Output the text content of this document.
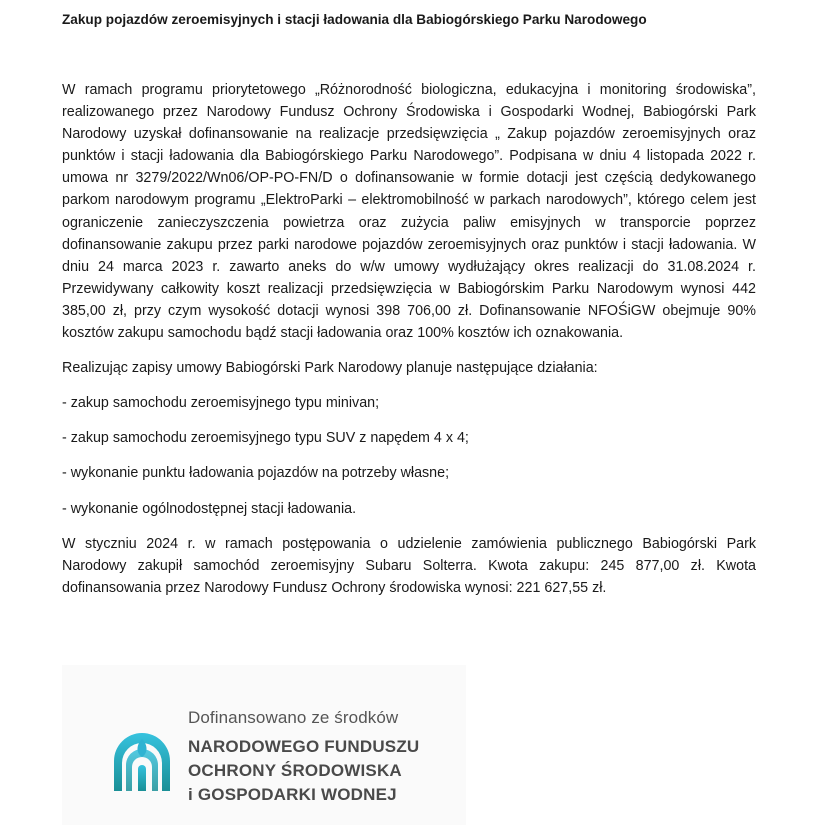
Zakup pojazdów zeroemisyjnych i stacji ładowania dla Babiogórskiego Parku Narodowego

W ramach programu priorytetowego „Różnorodność biologiczna, edukacyjna i monitoring środowiska”, realizowanego przez Narodowy Fundusz Ochrony Środowiska i Gospodarki Wodnej, Babiogórski Park Narodowy uzyskał dofinansowanie na realizacje przedsięwzięcia „ Zakup pojazdów zeroemisyjnych oraz punktów i stacji ładowania dla Babiogórskiego Parku Narodowego”. Podpisana w dniu 4 listopada 2022 r. umowa nr 3279/2022/Wn06/OP-PO-FN/D o dofinansowanie w formie dotacji jest częścią dedykowanego parkom narodowym programu „ElektroParki – elektromobilność w parkach narodowych”, którego celem jest ograniczenie zanieczyszczenia powietrza oraz zużycia paliw emisyjnych w transporcie poprzez dofinansowanie zakupu przez parki narodowe pojazdów zeroemisyjnych oraz punktów i stacji ładowania. W dniu 24 marca 2023 r. zawarto aneks do w/w umowy wydłużający okres realizacji do 31.08.2024 r. Przewidywany całkowity koszt realizacji przedsięwzięcia w Babiogórskim Parku Narodowym wynosi 442 385,00 zł, przy czym wysokość dotacji wynosi 398 706,00 zł. Dofinansowanie NFOŚiGW obejmuje 90% kosztów zakupu samochodu bądź stacji ładowania oraz 100% kosztów ich oznakowania.

Realizując zapisy umowy Babiogórski Park Narodowy planuje następujące działania:

- zakup samochodu zeroemisyjnego typu minivan;

- zakup samochodu zeroemisyjnego typu SUV z napędem 4 x 4;

- wykonanie punktu ładowania pojazdów na potrzeby własne;

- wykonanie ogólnodostępnej stacji ładowania.

W styczniu 2024 r. w ramach postępowania o udzielenie zamówienia publicznego Babiogórski Park Narodowy zakupił samochód zeroemisyjny Subaru Solterra. Kwota zakupu: 245 877,00 zł. Kwota dofinansowania przez Narodowy Fundusz Ochrony środowiska wynosi: 221 627,55 zł.

Dofinansowano ze środków
NARODOWEGO FUNDUSZU
OCHRONY ŚRODOWISKA
i GOSPODARKI WODNEJ
